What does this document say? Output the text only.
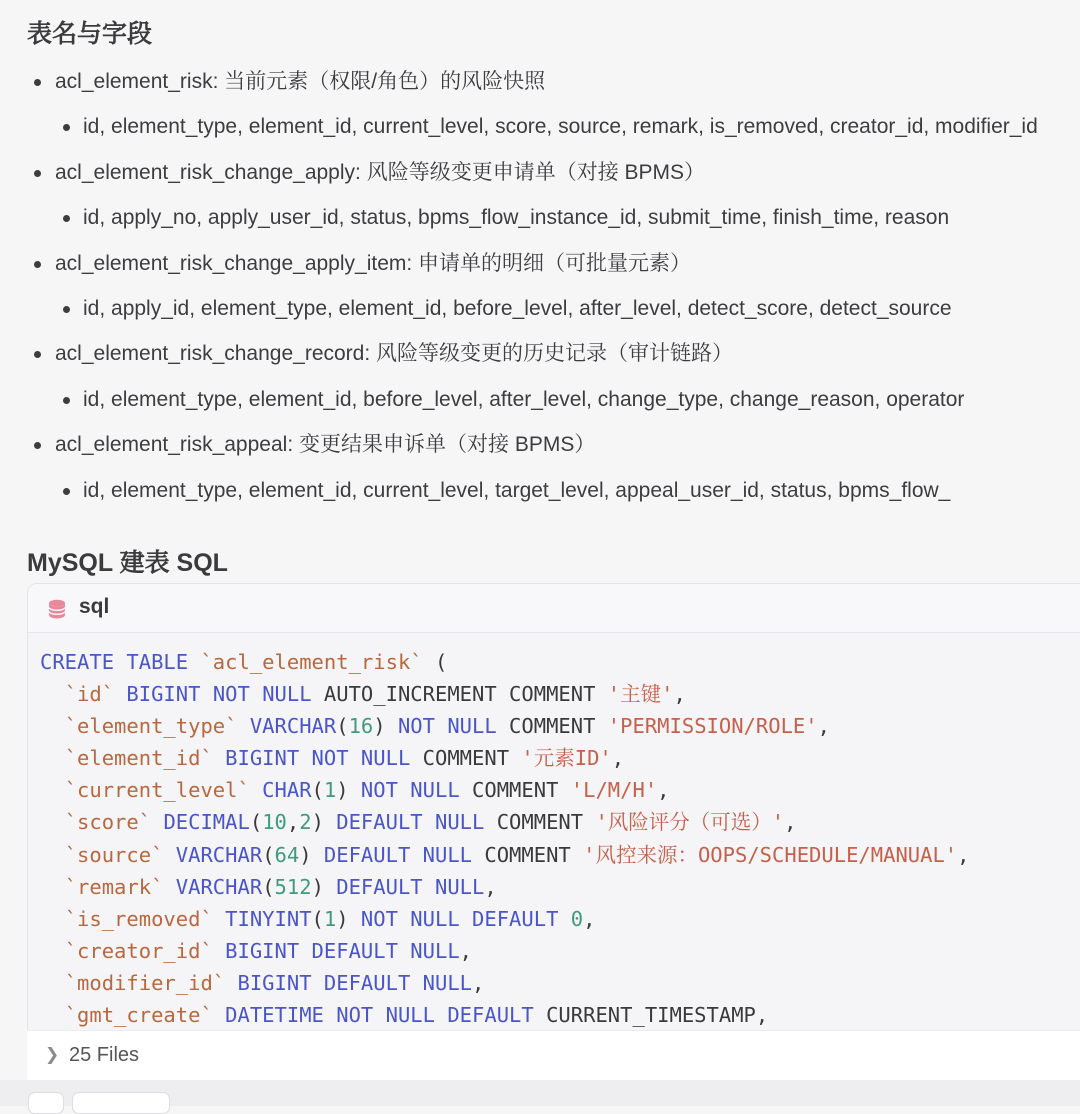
表名与字段
acl_element_risk: 当前元素（权限/角色）的风险快照
id, element_type, element_id, current_level, score, source, remark, is_removed, creator_id, modifier_id
acl_element_risk_change_apply: 风险等级变更申请单（对接 BPMS）
id, apply_no, apply_user_id, status, bpms_flow_instance_id, submit_time, finish_time, reason
acl_element_risk_change_apply_item: 申请单的明细（可批量元素）
id, apply_id, element_type, element_id, before_level, after_level, detect_score, detect_source
acl_element_risk_change_record: 风险等级变更的历史记录（审计链路）
id, element_type, element_id, before_level, after_level, change_type, change_reason, operator
acl_element_risk_appeal: 变更结果申诉单（对接 BPMS）
id, element_type, element_id, current_level, target_level, appeal_user_id, status, bpms_flow_
MySQL 建表 SQL
sql
CREATE TABLE `acl_element_risk` (
`id` BIGINT NOT NULL AUTO_INCREMENT COMMENT '主键',
`element_type` VARCHAR(16) NOT NULL COMMENT 'PERMISSION/ROLE',
`element_id` BIGINT NOT NULL COMMENT '元素ID',
`current_level` CHAR(1) NOT NULL COMMENT 'L/M/H',
`score` DECIMAL(10,2) DEFAULT NULL COMMENT '风险评分（可选）',
`source` VARCHAR(64) DEFAULT NULL COMMENT '风控来源：OOPS/SCHEDULE/MANUAL',
`remark` VARCHAR(512) DEFAULT NULL,
`is_removed` TINYINT(1) NOT NULL DEFAULT 0,
`creator_id` BIGINT DEFAULT NULL,
`modifier_id` BIGINT DEFAULT NULL,
`gmt_create` DATETIME NOT NULL DEFAULT CURRENT_TIMESTAMP,
❯ 25 Files
